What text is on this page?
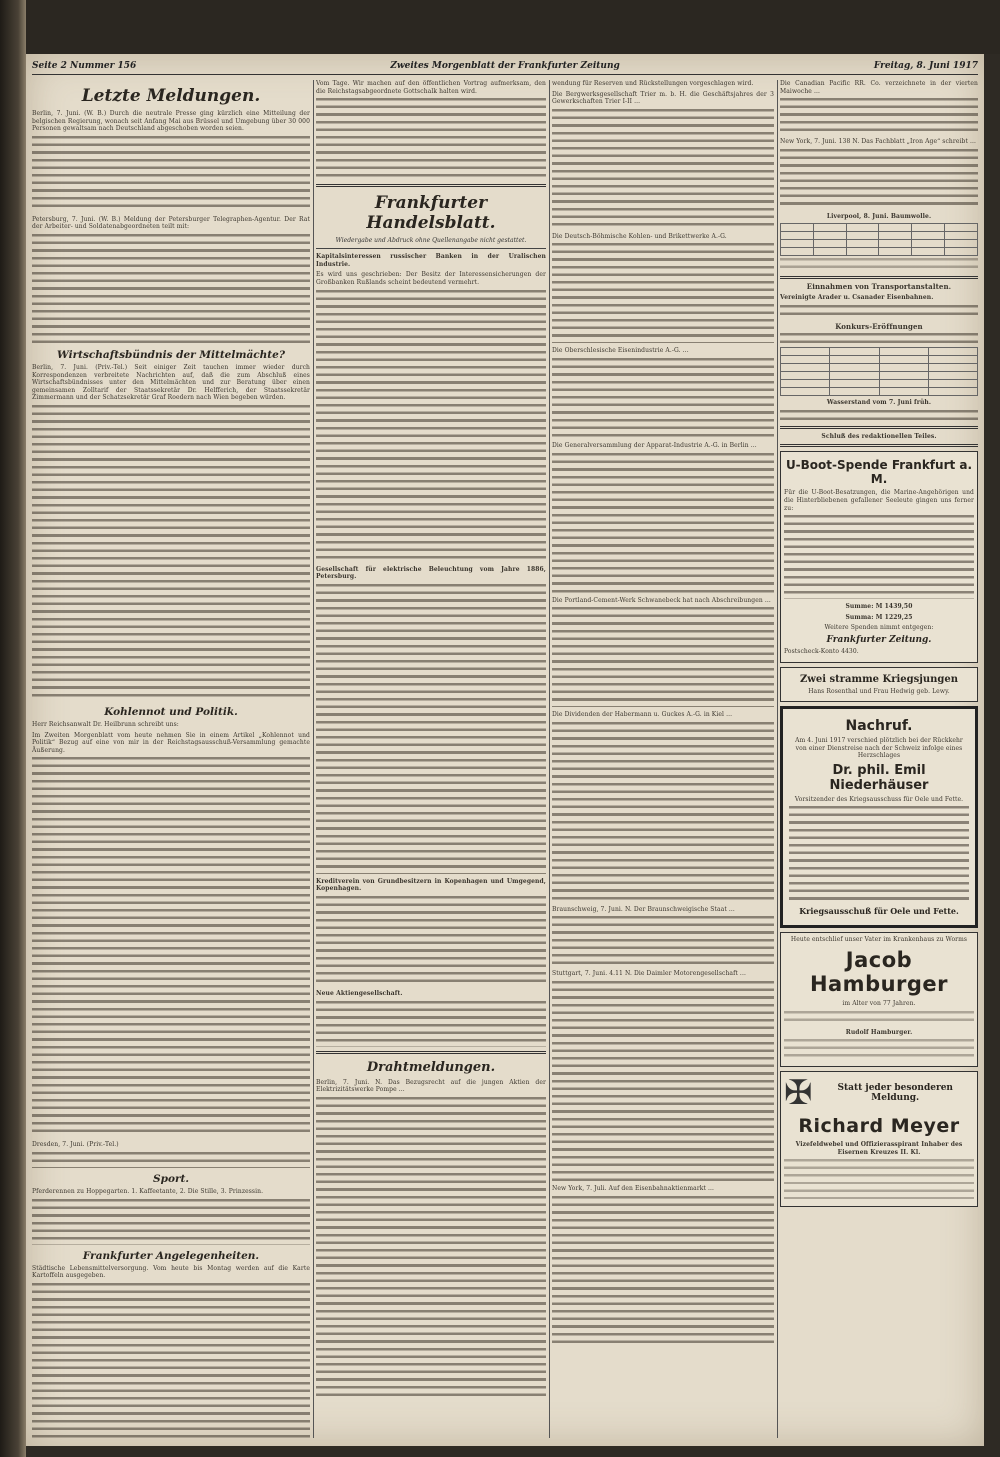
Seite 2 Nummer 156	Zweites Morgenblatt der Frankfurter Zeitung	Freitag, 8. Juni 1917
Letzte Meldungen.

Berlin, 7. Juni. (W. B.) Durch die neutrale Presse ging kürzlich eine Mitteilung der belgischen Regierung, wonach seit Anfang Mai aus Brüssel und Umgebung über 30 000 Personen gewaltsam nach Deutschland abgeschoben worden seien.

Petersburg, 7. Juni. (W. B.) Meldung der Petersburger Telegraphen-Agentur. Der Rat der Arbeiter- und Soldatenabgeordneten teilt mit:

Wirtschaftsbündnis der Mittelmächte?

Berlin, 7. Juni. (Priv.-Tel.) Seit einiger Zeit tauchen immer wieder durch Korrespondenzen verbreitete Nachrichten auf, daß die zum Abschluß eines Wirtschaftsbündnisses unter den Mittelmächten und zur Beratung über einen gemeinsamen Zolltarif der Staatssekretär Dr. Helfferich, der Staatssekretär Zimmermann und der Schatzsekretär Graf Roedern nach Wien begeben würden.

Kohlennot und Politik.

Herr Reichsanwalt Dr. Heilbrunn schreibt uns:

Im Zweiten Morgenblatt vom heute nehmen Sie in einem Artikel „Kohlennot und Politik“ Bezug auf eine von mir in der Reichstagsausschuß-Versammlung gemachte Äußerung.

Dresden, 7. Juni. (Priv.-Tel.)

Sport.

Pferderennen zu Hoppegarten. 1. Kaffeetante, 2. Die Stille, 3. Prinzessin.

Frankfurter Angelegenheiten.

Städtische Lebensmittelversorgung. Vom heute bis Montag werden auf die Karte Kartoffeln ausgegeben.

Vom Tage. Wir machen auf den öffentlichen Vortrag aufmerksam, den die Reichstagsabgeordnete Gottschalk halten wird.

Frankfurter Handelsblatt.
Wiedergabe und Abdruck ohne Quellenangabe nicht gestattet.

Kapitalsinteressen russischer Banken in der Uralischen Industrie.

Es wird uns geschrieben: Der Besitz der Interessensicherungen der Großbanken Rußlands scheint bedeutend vermehrt.

Gesellschaft für elektrische Beleuchtung vom Jahre 1886, Petersburg.

Kreditverein von Grundbesitzern in Kopenhagen und Umgegend, Kopenhagen.

Neue Aktiengesellschaft.

Drahtmeldungen.

Berlin, 7. Juni. N. Das Bezugsrecht auf die jungen Aktien der Elektrizitätswerke Pompe ...

wendung für Reserven und Rückstellungen vorgeschlagen wird.

Die Bergwerksgesellschaft Trier m. b. H. die Geschäftsjahres der 3 Gewerkschaften Trier I-II ...

Die Deutsch-Böhmische Kohlen- und Brikettwerke A.-G.

Die Oberschlesische Eisenindustrie A.-G. ...

Die Generalversammlung der Apparat-Industrie A.-G. in Berlin ...

Die Portland-Cement-Werk Schwanebeck hat nach Abschreibungen ...

Die Dividenden der Habermann u. Guckes A.-G. in Kiel ...

Braunschweig, 7. Juni. N. Der Braunschweigische Staat ...

Stuttgart, 7. Juni. 4.11 N. Die Daimler Motorengesellschaft ...

New York, 7. Juli. Auf den Eisenbahnaktienmarkt ...

Die Canadian Pacific RR. Co. verzeichnete in der vierten Maiwoche ...

New York, 7. Juni. 138 N. Das Fachblatt „Iron Age“ schreibt ...

Liverpool, 8. Juni. Baumwolle.

Einnahmen von Transportanstalten.

Vereinigte Arader u. Csanader Eisenbahnen.

Konkurs-Eröffnungen

Wasserstand vom 7. Juni früh.

Schluß des redaktionellen Teiles.

U-Boot-Spende Frankfurt a. M.

Für die U-Boot-Besatzungen, die Marine-Angehörigen und die Hinterbliebenen gefallener Seeleute gingen uns ferner zu:

Summe: M 1439,50

Summa: M 1229,25

Weitere Spenden nimmt entgegen:

Frankfurter Zeitung.

Postscheck-Konto 4430.

Zwei stramme Kriegsjungen

Hans Rosenthal und Frau Hedwig geb. Lewy.

Nachruf.

Am 4. Juni 1917 verschied plötzlich bei der Rückkehr von einer Dienstreise nach der Schweiz infolge eines Herzschlages

Dr. phil. Emil Niederhäuser

Vorsitzender des Kriegsausschuss für Oele und Fette.

Kriegsausschuß für Oele und Fette.

Heute entschlief unser Vater im Krankenhaus zu Worms

Jacob Hamburger

im Alter von 77 Jahren.

Rudolf Hamburger.

✠	Statt jeder besonderen Meldung.
Richard Meyer

Vizefeldwebel und Offizierasspirant Inhaber des Eisernen Kreuzes II. Kl.
